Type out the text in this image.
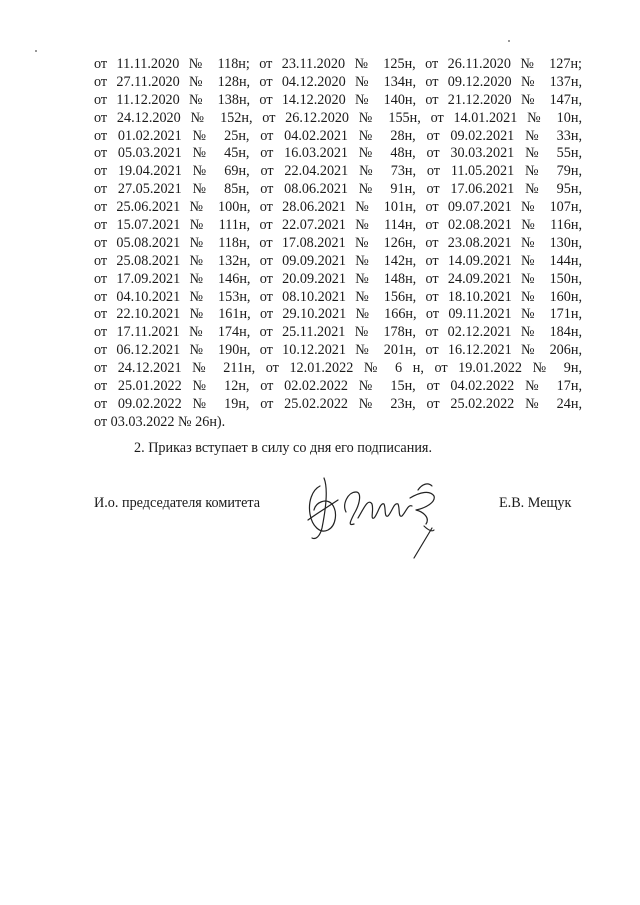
от 11.11.2020 № 118н; от 23.11.2020 № 125н, от 26.11.2020 № 127н;
от 27.11.2020 № 128н, от 04.12.2020 № 134н, от 09.12.2020 № 137н,
от 11.12.2020 № 138н, от 14.12.2020 № 140н, от 21.12.2020 № 147н,
от 24.12.2020 № 152н, от 26.12.2020 № 155н, от 14.01.2021 № 10н,
от 01.02.2021 № 25н, от 04.02.2021 № 28н, от 09.02.2021 № 33н,
от 05.03.2021 № 45н, от 16.03.2021 № 48н, от 30.03.2021 № 55н,
от 19.04.2021 № 69н, от 22.04.2021 № 73н, от 11.05.2021 № 79н,
от 27.05.2021 № 85н, от 08.06.2021 № 91н, от 17.06.2021 № 95н,
от 25.06.2021 № 100н, от 28.06.2021 № 101н, от 09.07.2021 № 107н,
от 15.07.2021 № 111н, от 22.07.2021 № 114н, от 02.08.2021 № 116н,
от 05.08.2021 № 118н, от 17.08.2021 № 126н, от 23.08.2021 № 130н,
от 25.08.2021 № 132н, от 09.09.2021 № 142н, от 14.09.2021 № 144н,
от 17.09.2021 № 146н, от 20.09.2021 № 148н, от 24.09.2021 № 150н,
от 04.10.2021 № 153н, от 08.10.2021 № 156н, от 18.10.2021 № 160н,
от 22.10.2021 № 161н, от 29.10.2021 № 166н, от 09.11.2021 № 171н,
от 17.11.2021 № 174н, от 25.11.2021 № 178н, от 02.12.2021 № 184н,
от 06.12.2021 № 190н, от 10.12.2021 № 201н, от 16.12.2021 № 206н,
от 24.12.2021 № 211н, от 12.01.2022 № 6 н, от 19.01.2022 № 9н,
от 25.01.2022 № 12н, от 02.02.2022 № 15н, от 04.02.2022 № 17н,
от 09.02.2022 № 19н, от 25.02.2022 № 23н, от 25.02.2022 № 24н,
от 03.03.2022 № 26н).
2. Приказ вступает в силу со дня его подписания.
И.о. председателя комитета	Е.В. Мещук
